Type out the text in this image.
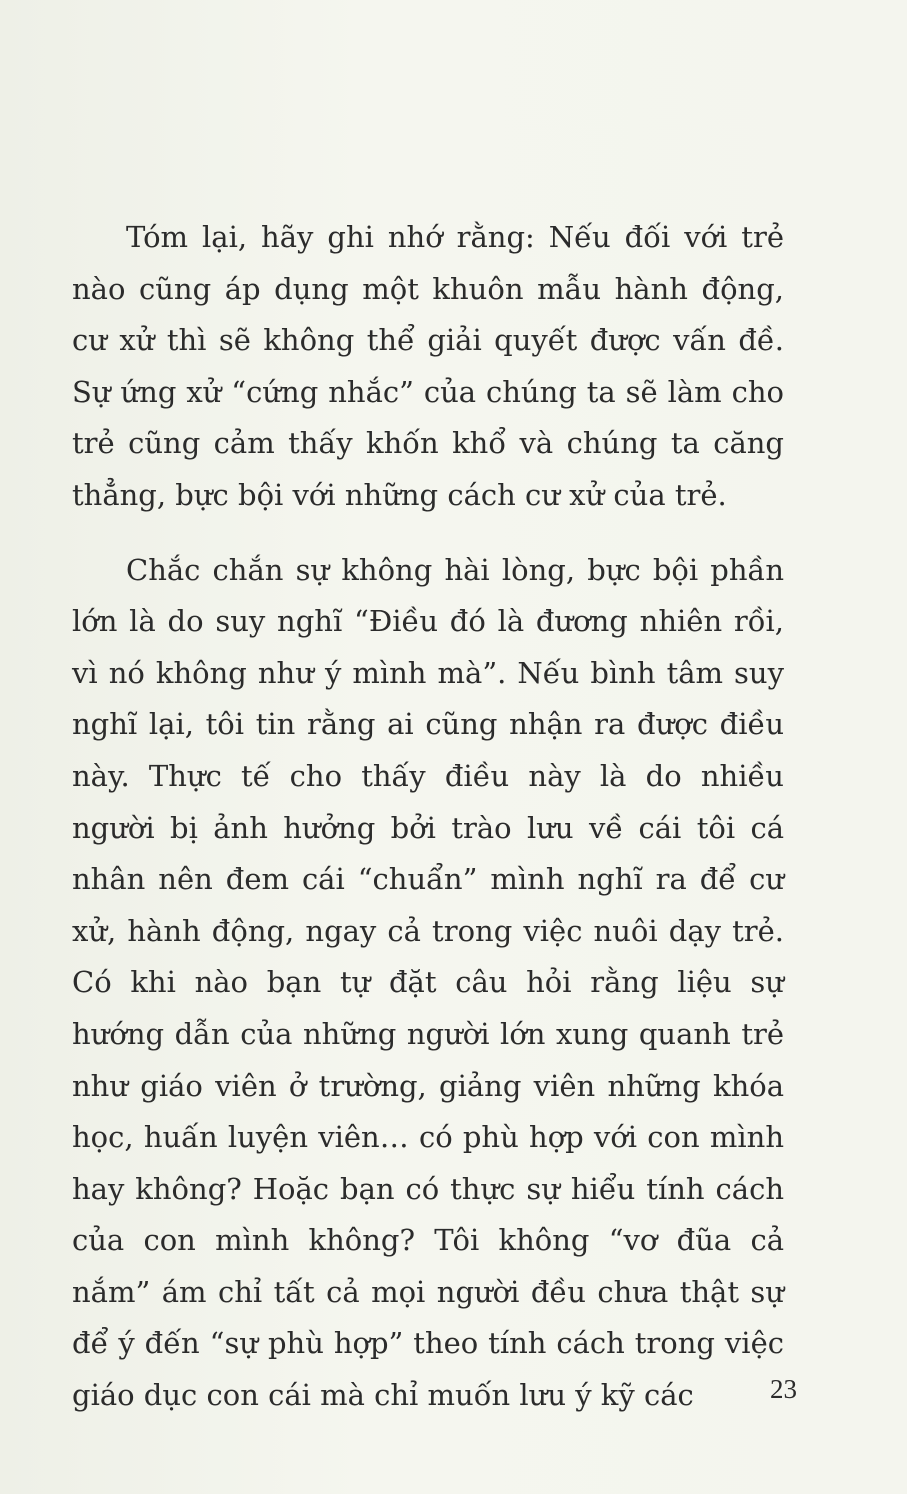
Tóm lại, hãy ghi nhớ rằng: Nếu đối với trẻ nào cũng áp dụng một khuôn mẫu hành động, cư xử thì sẽ không thể giải quyết được vấn đề. Sự ứng xử “cứng nhắc” của chúng ta sẽ làm cho trẻ cũng cảm thấy khốn khổ và chúng ta căng thẳng, bực bội với những cách cư xử của trẻ.

Chắc chắn sự không hài lòng, bực bội phần lớn là do suy nghĩ “Điều đó là đương nhiên rồi, vì nó không như ý mình mà”. Nếu bình tâm suy nghĩ lại, tôi tin rằng ai cũng nhận ra được điều này. Thực tế cho thấy điều này là do nhiều người bị ảnh hưởng bởi trào lưu về cái tôi cá nhân nên đem cái “chuẩn” mình nghĩ ra để cư xử, hành động, ngay cả trong việc nuôi dạy trẻ. Có khi nào bạn tự đặt câu hỏi rằng liệu sự hướng dẫn của những người lớn xung quanh trẻ như giáo viên ở trường, giảng viên những khóa học, huấn luyện viên… có phù hợp với con mình hay không? Hoặc bạn có thực sự hiểu tính cách của con mình không? Tôi không “vơ đũa cả nắm” ám chỉ tất cả mọi người đều chưa thật sự để ý đến “sự phù hợp” theo tính cách trong việc giáo dục con cái mà chỉ muốn lưu ý kỹ các	23
